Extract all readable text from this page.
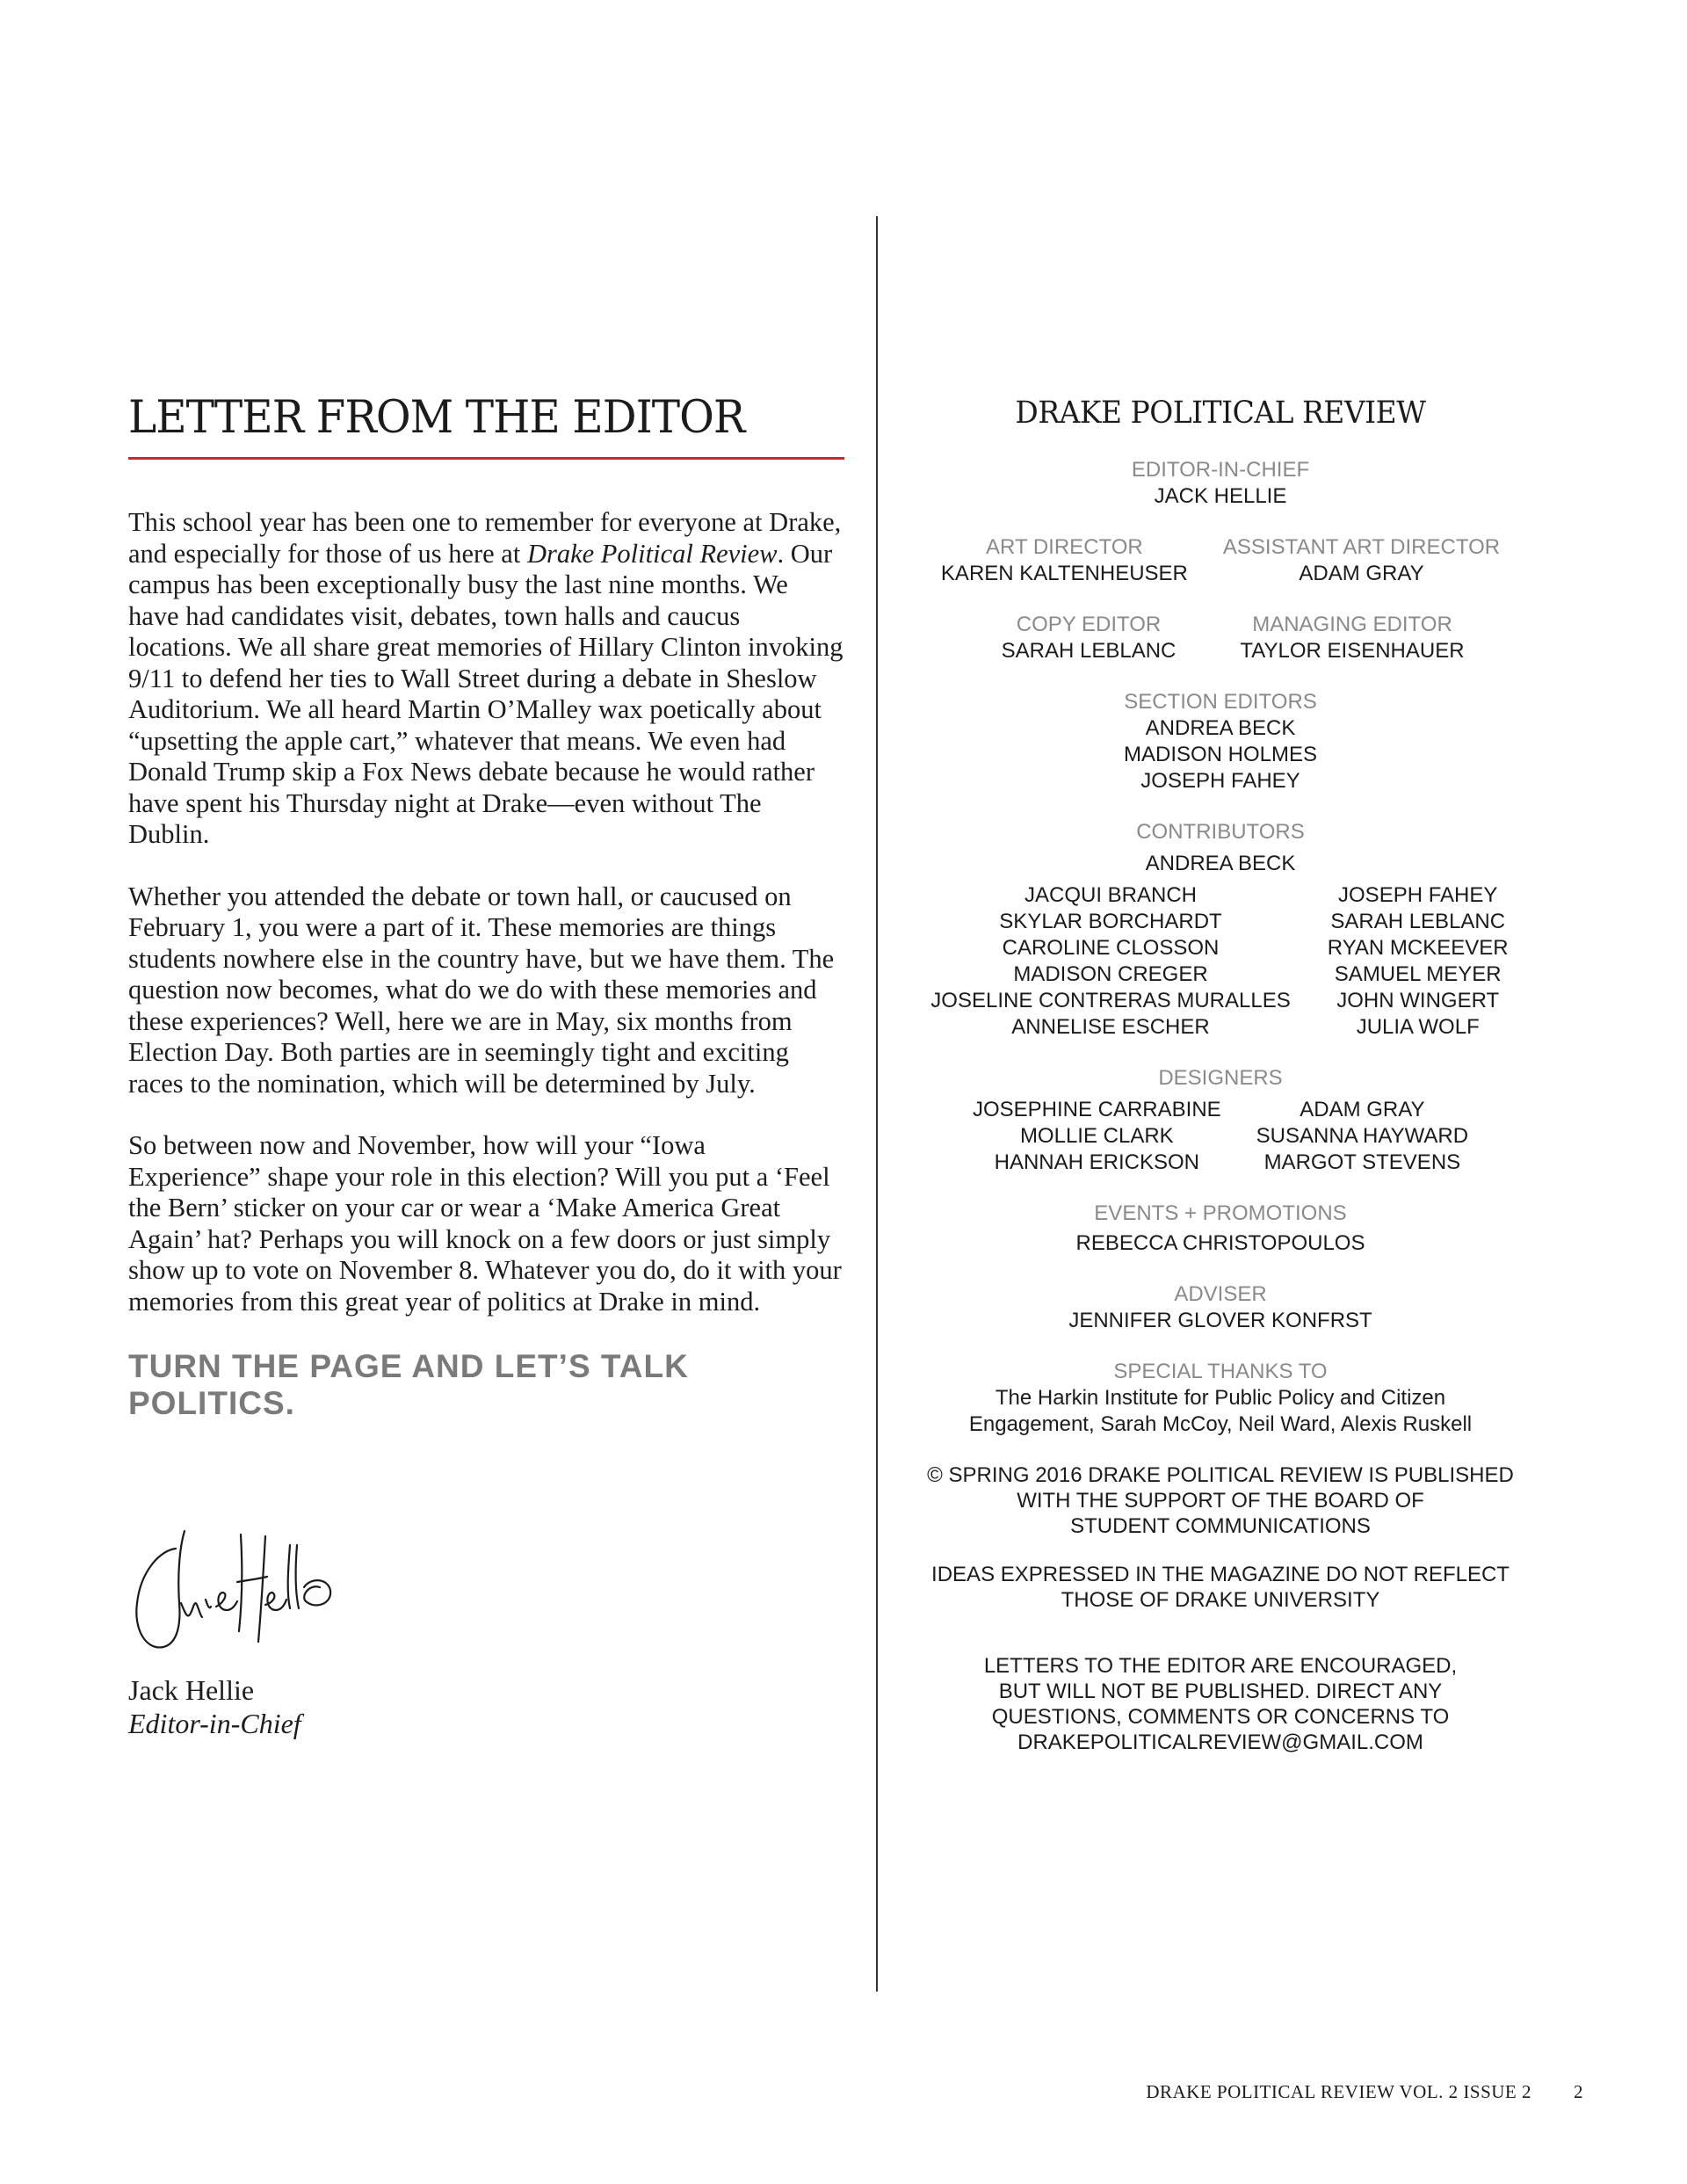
LETTER FROM THE EDITOR

This school year has been one to remember for everyone at Drake, and especially for those of us here at Drake Political Review. Our campus has been exceptionally busy the last nine months. We have had candidates visit, debates, town halls and caucus locations. We all share great memories of Hillary Clinton invoking 9/11 to defend her ties to Wall Street during a debate in Sheslow Auditorium. We all heard Martin O’Malley wax poetically about “upsetting the apple cart,” whatever that means. We even had Donald Trump skip a Fox News debate because he would rather have spent his Thursday night at Drake—even without The Dublin.

Whether you attended the debate or town hall, or caucused on February 1, you were a part of it. These memories are things students nowhere else in the country have, but we have them. The question now becomes, what do we do with these memories and these experiences? Well, here we are in May, six months from Election Day. Both parties are in seemingly tight and exciting races to the nomination, which will be determined by July.

So between now and November, how will your “Iowa Experience” shape your role in this election? Will you put a ‘Feel the Bern’ sticker on your car or wear a ‘Make America Great Again’ hat? Perhaps you will knock on a few doors or just simply show up to vote on November 8. Whatever you do, do it with your memories from this great year of politics at Drake in mind.

TURN THE PAGE AND LET’S TALK POLITICS.
Jack Hellie
Editor-in-Chief
DRAKE POLITICAL REVIEW
EDITOR-IN-CHIEF
JACK HELLIE
ART DIRECTOR
KAREN KALTENHEUSER
ASSISTANT ART DIRECTOR
ADAM GRAY
COPY EDITOR
SARAH LEBLANC
MANAGING EDITOR
TAYLOR EISENHAUER
SECTION EDITORS
ANDREA BECK
MADISON HOLMES
JOSEPH FAHEY
CONTRIBUTORS
ANDREA BECK
JACQUI BRANCH
SKYLAR BORCHARDT
CAROLINE CLOSSON
MADISON CREGER
JOSELINE CONTRERAS MURALLES
ANNELISE ESCHER
JOSEPH FAHEY
SARAH LEBLANC
RYAN MCKEEVER
SAMUEL MEYER
JOHN WINGERT
JULIA WOLF
DESIGNERS
JOSEPHINE CARRABINE
MOLLIE CLARK
HANNAH ERICKSON
ADAM GRAY
SUSANNA HAYWARD
MARGOT STEVENS
EVENTS + PROMOTIONS
REBECCA CHRISTOPOULOS
ADVISER
JENNIFER GLOVER KONFRST
SPECIAL THANKS TO
The Harkin Institute for Public Policy and Citizen
Engagement, Sarah McCoy, Neil Ward, Alexis Ruskell
© SPRING 2016 DRAKE POLITICAL REVIEW IS PUBLISHED
WITH THE SUPPORT OF THE BOARD OF
STUDENT COMMUNICATIONS
IDEAS EXPRESSED IN THE MAGAZINE DO NOT REFLECT
THOSE OF DRAKE UNIVERSITY
LETTERS TO THE EDITOR ARE ENCOURAGED,
BUT WILL NOT BE PUBLISHED. DIRECT ANY
QUESTIONS, COMMENTS OR CONCERNS TO
DRAKEPOLITICALREVIEW@GMAIL.COM
DRAKE POLITICAL REVIEW VOL. 2 ISSUE 2 2
